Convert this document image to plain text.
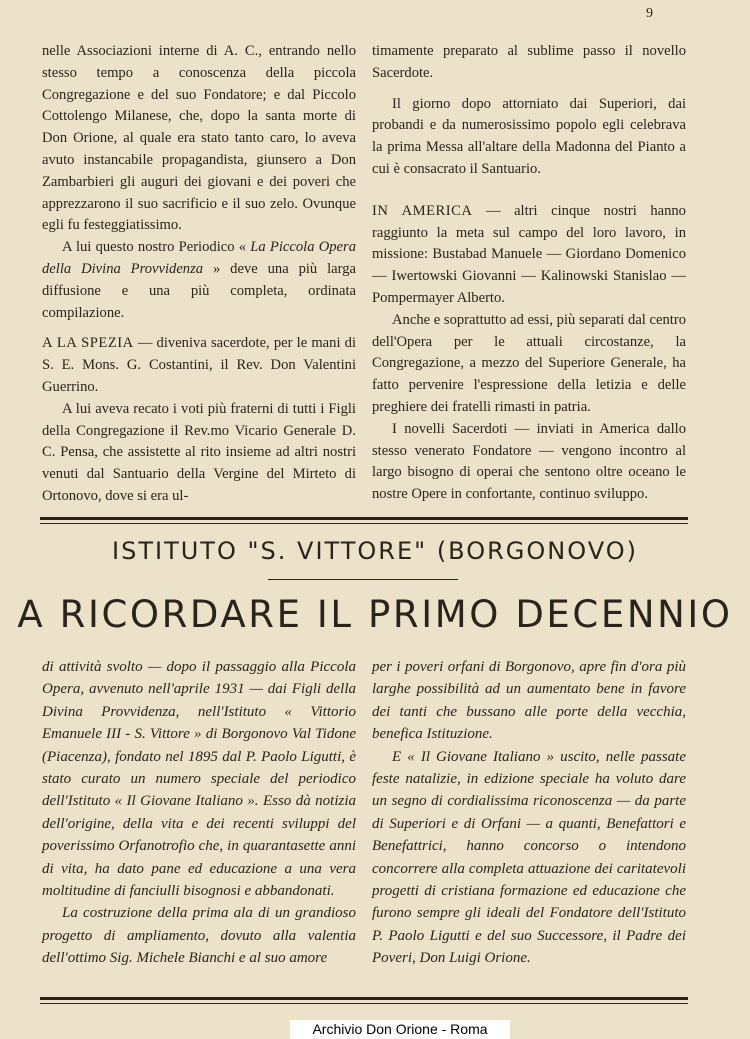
9

nelle Associazioni interne di A. C., entrando nello stesso tempo a conoscenza della piccola Congregazione e del suo Fondatore; e dal Piccolo Cottolengo Milanese, che, dopo la santa morte di Don Orione, al quale era stato tanto caro, lo aveva avuto instancabile propagandista, giunsero a Don Zambarbieri gli auguri dei giovani e dei poveri che apprezzarono il suo sacrificio e il suo zelo. Ovunque egli fu festeggiatissimo.

A lui questo nostro Periodico « La Piccola Opera della Divina Provvidenza » deve una più larga diffusione e una più completa, ordinata compilazione.

A LA SPEZIA — diveniva sacerdote, per le mani di S. E. Mons. G. Costantini, il Rev. Don Valentini Guerrino.

A lui aveva recato i voti più fraterni di tutti i Figli della Congregazione il Rev.mo Vicario Generale D. C. Pensa, che assistette al rito insieme ad altri nostri venuti dal Santuario della Vergine del Mirteto di Ortonovo, dove si era ul-

timamente preparato al sublime passo il novello Sacerdote.

Il giorno dopo attorniato dai Superiori, dai probandi e da numerosissimo popolo egli celebrava la prima Messa all'altare della Madonna del Pianto a cui è consacrato il Santuario.

IN AMERICA — altri cinque nostri hanno raggiunto la meta sul campo del loro lavoro, in missione: Bustabad Manuele — Giordano Domenico — Iwertowski Giovanni — Kalinowski Stanislao — Pompermayer Alberto.

Anche e soprattutto ad essi, più separati dal centro dell'Opera per le attuali circostanze, la Congregazione, a mezzo del Superiore Generale, ha fatto pervenire l'espressione della letizia e delle preghiere dei fratelli rimasti in patria.

I novelli Sacerdoti — inviati in America dallo stesso venerato Fondatore — vengono incontro al largo bisogno di operai che sentono oltre oceano le nostre Opere in confortante, continuo sviluppo.

ISTITUTO "S. VITTORE" (BORGONOVO)
A RICORDARE IL PRIMO DECENNIO

di attività svolto — dopo il passaggio alla Piccola Opera, avvenuto nell'aprile 1931 — dai Figli della Divina Provvidenza, nell'Istituto « Vittorio Emanuele III - S. Vittore » di Borgonovo Val Tidone (Piacenza), fondato nel 1895 dal P. Paolo Ligutti, è stato curato un numero speciale del periodico dell'Istituto « Il Giovane Italiano ». Esso dà notizia dell'origine, della vita e dei recenti sviluppi del poverissimo Orfanotrofio che, in quarantasette anni di vita, ha dato pane ed educazione a una vera moltitudine di fanciulli bisognosi e abbandonati.

La costruzione della prima ala di un grandioso progetto di ampliamento, dovuto alla valentia dell'ottimo Sig. Michele Bianchi e al suo amore

per i poveri orfani di Borgonovo, apre fin d'ora più larghe possibilità ad un aumentato bene in favore dei tanti che bussano alle porte della vecchia, benefica Istituzione.

E « Il Giovane Italiano » uscito, nelle passate feste natalizie, in edizione speciale ha voluto dare un segno di cordialissima riconoscenza — da parte di Superiori e di Orfani — a quanti, Benefattori e Benefattrici, hanno concorso o intendono concorrere alla completa attuazione dei caritatevoli progetti di cristiana formazione ed educazione che furono sempre gli ideali del Fondatore dell'Istituto P. Paolo Ligutti e del suo Successore, il Padre dei Poveri, Don Luigi Orione.

Archivio Don Orione - Roma
